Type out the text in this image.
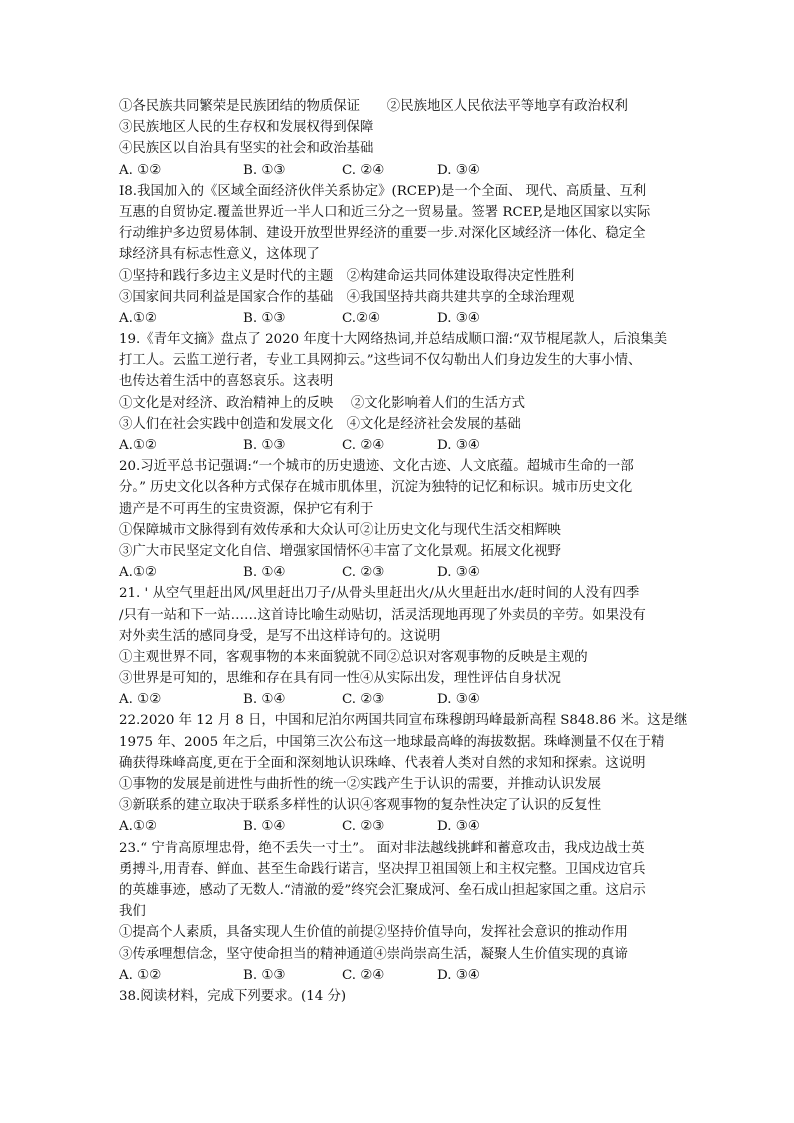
①各民族共同繁荣是民族团结的物质保证　　②民族地区人民依法平等地享有政治权利
③民族地区人民的生存权和发展权得到保障
④民族区以自治具有坚实的社会和政治基础
A. ①②	B. ①③	C. ②④	D. ③④
I8.我国加入的《区域全面经济伙伴关系协定》(RCEP)是一个全面、 现代、高质量、互利
互惠的自贸协定.覆盖世界近一半人口和近三分之一贸易量。签署 RCEP,是地区国家以实际
行动维护多边贸易体制、建设开放型世界经济的重要一步.对深化区域经济一体化、稳定全
球经济具有标志性意义，这体现了
①坚持和践行多边主义是时代的主题　②构建命运共同体建设取得决定性胜利
③国家间共同利益是国家合作的基础　④我国坚持共商共建共享的全球治理观
A.①②	B. ①③	C.②④	D. ③④
19.《青年文摘》盘点了 2020 年度十大网络热词,并总结成顺口溜:“双节棍尾款人，后浪集美
打工人。云监工逆行者，专业工具网抑云。”这些词不仅勾勒出人们身边发生的大事小情、
也传达着生活中的喜怒哀乐。这表明
①文化是对经济、政治精神上的反映　 ②文化影响着人们的生活方式
③人们在社会实践中创造和发展文化　④文化是经济社会发展的基础
A.①②	B. ①③	C. ②④	D. ③④
20.习近平总书记强调:“一个城市的历史遗迹、文化古迹、人文底蕴。超城市生命的一部
分。” 历史文化以各种方式保存在城市肌体里，沉淀为独特的记忆和标识。城市历史文化
遗产是不可再生的宝贵资源，保护它有利于
①保障城市文脉得到有效传承和大众认可②让历史文化与现代生活交相辉映
③广大市民坚定文化自信、增强家国情怀④丰富了文化景观。拓展文化视野
A.①②	B. ①④	C. ②③	D. ③④
21. ' 从空气里赶出风/风里赶出刀子/从骨头里赶出火/从火里赶出水/赶时间的人没有四季
/只有一站和下一站……这首诗比喻生动贴切，活灵活现地再现了外卖员的辛劳。如果没有
对外卖生活的感同身受，是写不出这样诗句的。这说明
①主观世界不同，客观事物的本来面貌就不同②总识对客观事物的反映是主观的
③世界是可知的，思维和存在具有同一性④从实际出发，理性评估自身状况
A. ①②	B. ①④	C. ②③	D. ③④
22.2020 年 12 月 8 日，中国和尼泊尔两国共同宣布珠穆朗玛峰最新高程 S848.86 米。这是继
1975 年、2005 年之后，中国第三次公布这一地球最高峰的海拔数据。珠峰测量不仅在于精
确获得珠峰高度,更在于全面和深刻地认识珠峰、代表着人类对自然的求知和探索。这说明
①事物的发展是前进性与曲折性的统一②实践产生于认识的需要，并推动认识发展
③新联系的建立取决于联系多样性的认识④客观事物的复杂性决定了认识的反复性
A.①②	B. ①④	C. ②③	D. ③④
23.“ 宁肯高原埋忠骨，绝不丢失一寸土”。 面对非法越线挑衅和蓄意攻击，我戍边战士英
勇搏斗,用青春、鲜血、甚至生命践行诺言，坚决捍卫祖国领上和主权完整。卫国戍边官兵
的英雄事迹，感动了无数人.“清澈的爱”终究会汇聚成河、垒石成山担起家国之重。这启示
我们
①提高个人素质，具备实现人生价值的前提②坚持价值导向，发挥社会意识的推动作用
③传承哩想信念，坚守使命担当的精神通道④崇尚崇高生活，凝聚人生价值实现的真谛
A. ①②	B. ①③	C. ②④	D. ③④
38.阅读材料，完成下列要求。(14 分)
